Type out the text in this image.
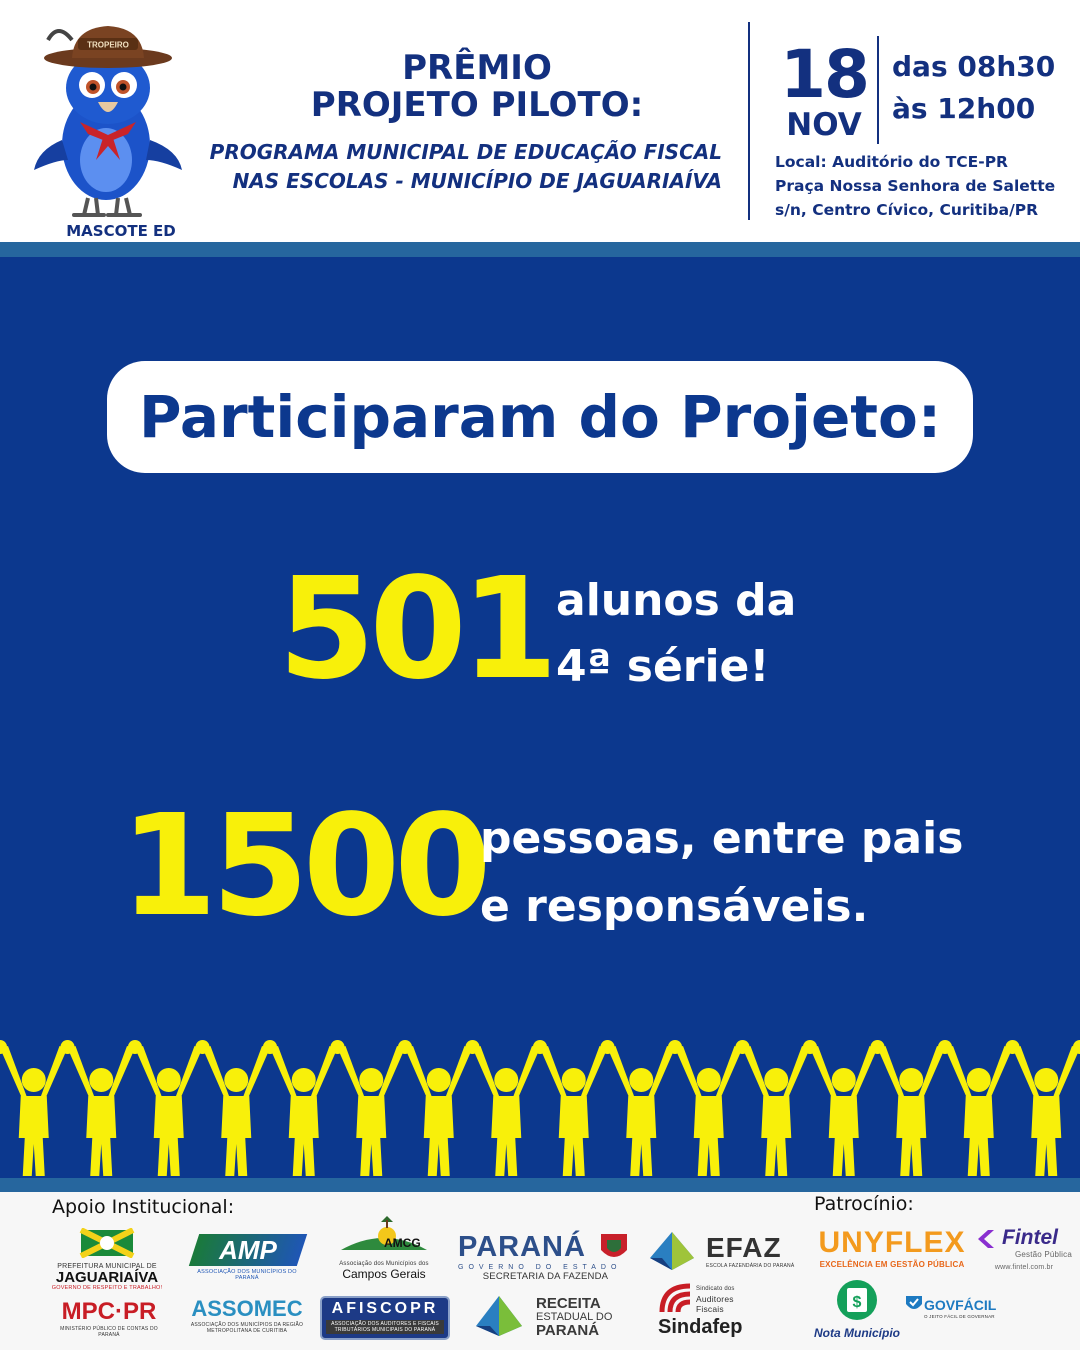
TROPEIRO
MASCOTE ED
PRÊMIO
PROJETO PILOTO:
PROGRAMA MUNICIPAL DE EDUCAÇÃO FISCAL
NAS ESCOLAS - MUNICÍPIO DE JAGUARIAÍVA
18
NOV
das 08h30
às 12h00
Local: Auditório do TCE-PR
Praça Nossa Senhora de Salette
s/n, Centro Cívico, Curitiba/PR
Participaram do Projeto:
501 alunos da
4ª série!
1500
pessoas, entre pais
e responsáveis.
Apoio Institucional:	Patrocínio:
PREFEITURA MUNICIPAL DE
JAGUARIAÍVA
GOVERNO DE RESPEITO E TRABALHO!
AMP
ASSOCIAÇÃO DOS MUNICÍPIOS DO PARANÁ
AMCG
Associação dos Municípios dos
Campos Gerais
PARANÁ
GOVERNO DO ESTADO
SECRETARIA DA FAZENDA
EFAZ
ESCOLA FAZENDÁRIA DO PARANÁ
UNYFLEX
EXCELÊNCIA EM GESTÃO PÚBLICA
Fintel
Gestão Pública
www.fintel.com.br
MPC·PR
MINISTÉRIO PÚBLICO DE CONTAS DO PARANÁ
ASSOMEC
ASSOCIAÇÃO DOS MUNICÍPIOS DA REGIÃO METROPOLITANA DE CURITIBA
AFISCOPR
ASSOCIAÇÃO DOS AUDITORES E FISCAIS TRIBUTÁRIOS MUNICIPAIS DO PARANÁ
RECEITA
ESTADUAL DO
PARANÁ
Sindicato dos
Auditores Fiscais
Sindafep
$
Nota Município
GOVFÁCIL
O JEITO FÁCIL DE GOVERNAR
